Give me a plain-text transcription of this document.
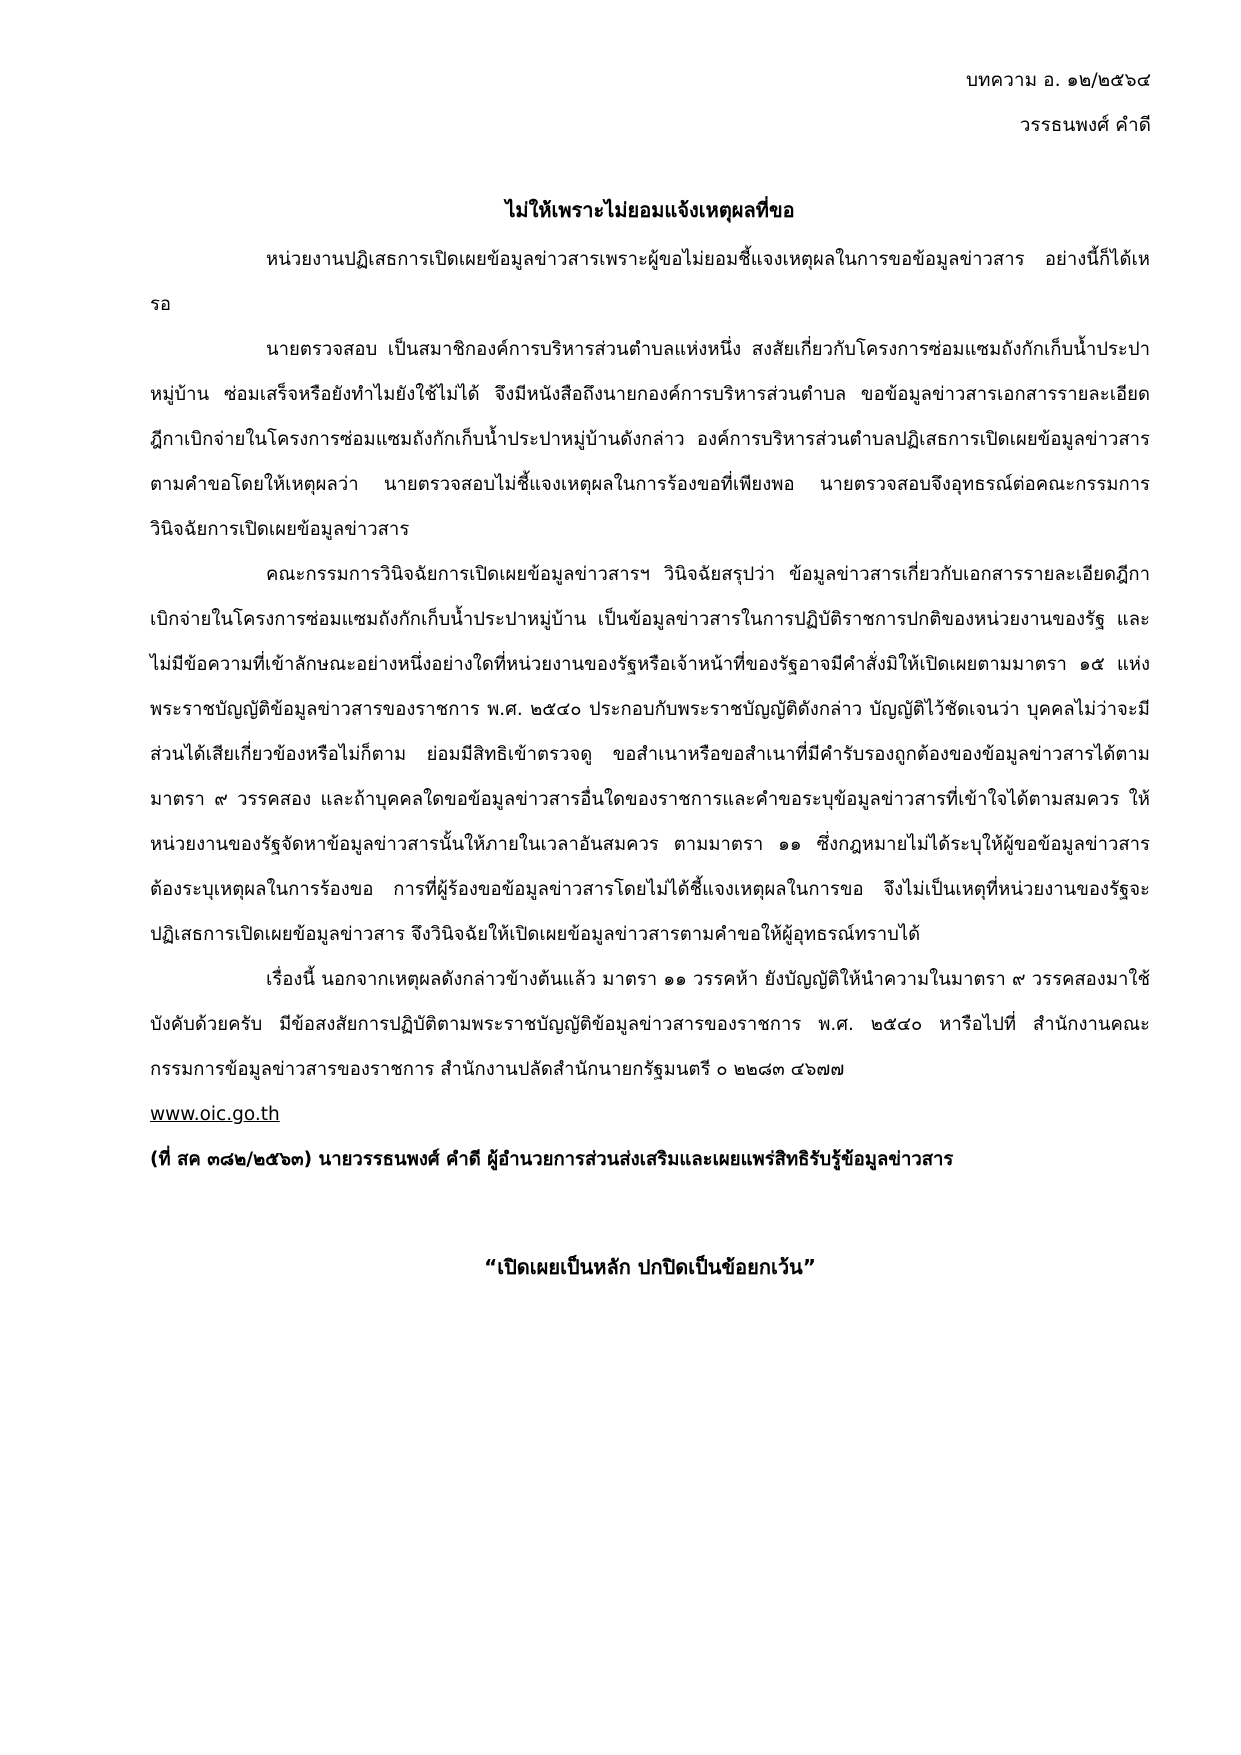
บทความ อ. ๑๒/๒๕๖๔
วรรธนพงศ์ คำดี
ไม่ให้เพราะไม่ยอมแจ้งเหตุผลที่ขอ

หน่วยงานปฏิเสธการเปิดเผยข้อมูลข่าวสารเพราะผู้ขอไม่ยอมชี้แจงเหตุผลในการขอข้อมูลข่าวสาร อย่างนี้ก็ได้เหรอ

นายตรวจสอบ เป็นสมาชิกองค์การบริหารส่วนตำบลแห่งหนึ่ง สงสัยเกี่ยวกับโครงการซ่อมแซมถังกักเก็บน้ำประปาหมู่บ้าน ซ่อมเสร็จหรือยังทำไมยังใช้ไม่ได้ จึงมีหนังสือถึงนายกองค์การบริหารส่วนตำบล ขอข้อมูลข่าวสารเอกสารรายละเอียดฎีกาเบิกจ่ายในโครงการซ่อมแซมถังกักเก็บน้ำประปาหมู่บ้านดังกล่าว องค์การบริหารส่วนตำบลปฏิเสธการเปิดเผยข้อมูลข่าวสารตามคำขอโดยให้เหตุผลว่า นายตรวจสอบไม่ชี้แจงเหตุผลในการร้องขอที่เพียงพอ นายตรวจสอบจึงอุทธรณ์ต่อคณะกรรมการวินิจฉัยการเปิดเผยข้อมูลข่าวสาร

คณะกรรมการวินิจฉัยการเปิดเผยข้อมูลข่าวสารฯ วินิจฉัยสรุปว่า ข้อมูลข่าวสารเกี่ยวกับเอกสารรายละเอียดฎีกาเบิกจ่ายในโครงการซ่อมแซมถังกักเก็บน้ำประปาหมู่บ้าน เป็นข้อมูลข่าวสารในการปฏิบัติราชการปกติของหน่วยงานของรัฐ และไม่มีข้อความที่เข้าลักษณะอย่างหนึ่งอย่างใดที่หน่วยงานของรัฐหรือเจ้าหน้าที่ของรัฐอาจมีคำสั่งมิให้เปิดเผยตามมาตรา ๑๕ แห่งพระราชบัญญัติข้อมูลข่าวสารของราชการ พ.ศ. ๒๕๔๐ ประกอบกับพระราชบัญญัติดังกล่าว บัญญัติไว้ชัดเจนว่า บุคคลไม่ว่าจะมีส่วนได้เสียเกี่ยวข้องหรือไม่ก็ตาม ย่อมมีสิทธิเข้าตรวจดู ขอสำเนาหรือขอสำเนาที่มีคำรับรองถูกต้องของข้อมูลข่าวสารได้ตามมาตรา ๙ วรรคสอง และถ้าบุคคลใดขอข้อมูลข่าวสารอื่นใดของราชการและคำขอระบุข้อมูลข่าวสารที่เข้าใจได้ตามสมควร ให้หน่วยงานของรัฐจัดหาข้อมูลข่าวสารนั้นให้ภายในเวลาอันสมควร ตามมาตรา ๑๑ ซึ่งกฎหมายไม่ได้ระบุให้ผู้ขอข้อมูลข่าวสารต้องระบุเหตุผลในการร้องขอ การที่ผู้ร้องขอข้อมูลข่าวสารโดยไม่ได้ชี้แจงเหตุผลในการขอ จึงไม่เป็นเหตุที่หน่วยงานของรัฐจะปฏิเสธการเปิดเผยข้อมูลข่าวสาร จึงวินิจฉัยให้เปิดเผยข้อมูลข่าวสารตามคำขอให้ผู้อุทธรณ์ทราบได้

เรื่องนี้ นอกจากเหตุผลดังกล่าวข้างต้นแล้ว มาตรา ๑๑ วรรคห้า ยังบัญญัติให้นำความในมาตรา ๙ วรรคสองมาใช้บังคับด้วยครับ มีข้อสงสัยการปฏิบัติตามพระราชบัญญัติข้อมูลข่าวสารของราชการ พ.ศ. ๒๕๔๐ หารือไปที่ สำนักงานคณะกรรมการข้อมูลข่าวสารของราชการ สำนักงานปลัดสำนักนายกรัฐมนตรี ๐ ๒๒๘๓ ๔๖๗๗

www.oic.go.th
(ที่ สค ๓๘๒/๒๕๖๓) นายวรรธนพงศ์ คำดี ผู้อำนวยการส่วนส่งเสริมและเผยแพร่สิทธิรับรู้ข้อมูลข่าวสาร
“เปิดเผยเป็นหลัก ปกปิดเป็นข้อยกเว้น”
